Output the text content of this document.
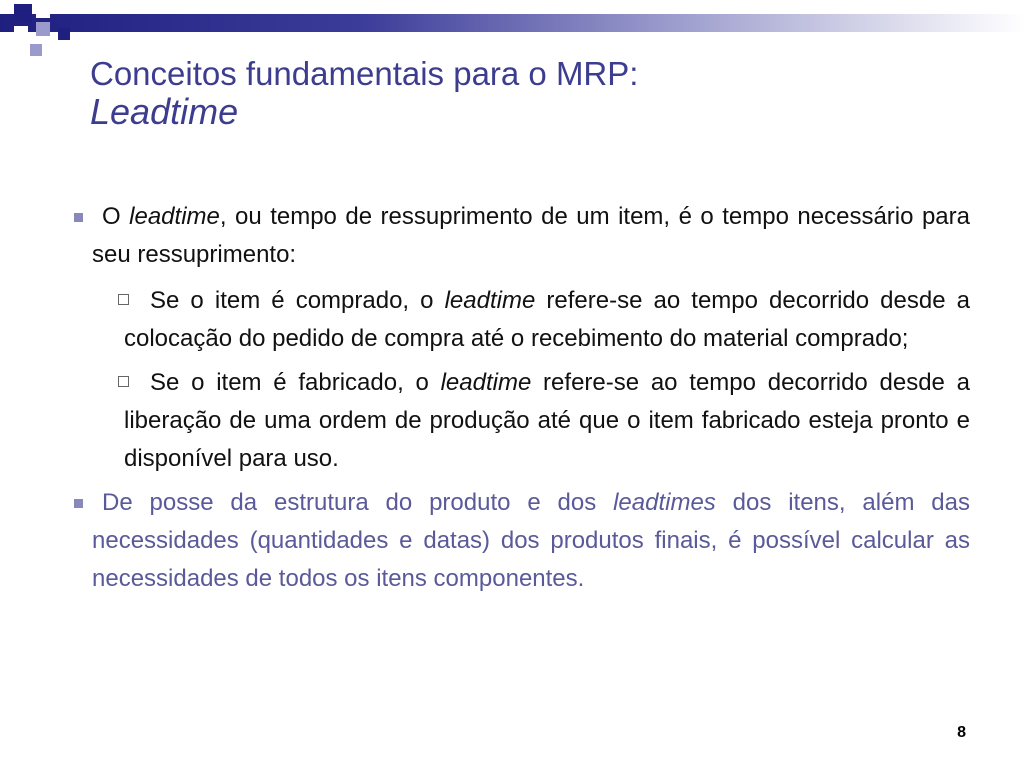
Conceitos fundamentais para o MRP:

Leadtime

O leadtime, ou tempo de ressuprimento de um item, é o tempo necessário para seu ressuprimento:

Se o item é comprado, o leadtime refere-se ao tempo decorrido desde a colocação do pedido de compra até o recebimento do material comprado;

Se o item é fabricado, o leadtime refere-se ao tempo decorrido desde a liberação de uma ordem de produção até que o item fabricado esteja pronto e disponível para uso.

De posse da estrutura do produto e dos leadtimes dos itens, além das necessidades (quantidades e datas) dos produtos finais, é possível calcular as necessidades de todos os itens componentes.

8
